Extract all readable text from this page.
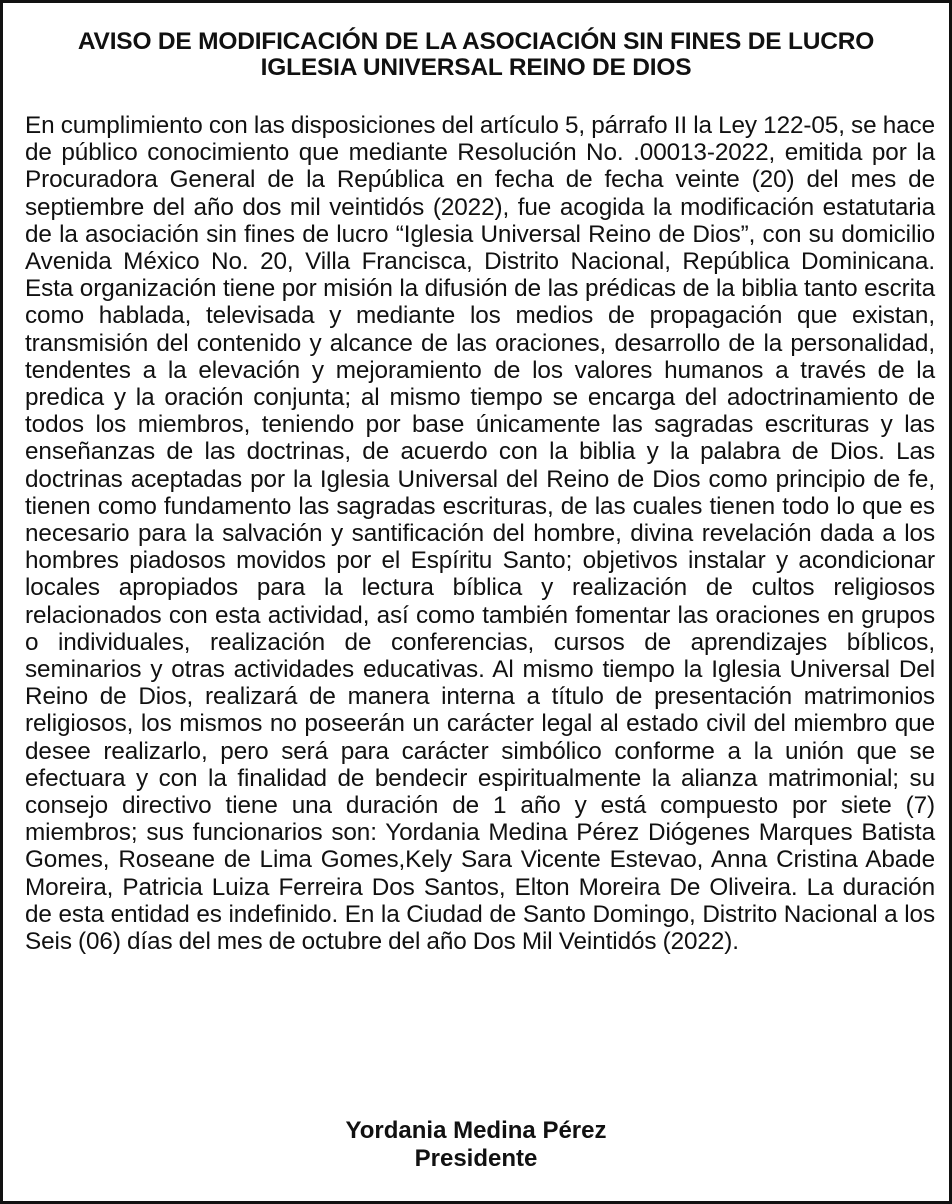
AVISO DE MODIFICACIÓN DE LA ASOCIACIÓN SIN FINES DE LUCRO
IGLESIA UNIVERSAL REINO DE DIOS

En cumplimiento con las disposiciones del artículo 5, párrafo II la Ley 122-05, se hace de público conocimiento que mediante Resolución No. .00013-2022, emitida por la Procuradora General de la República en fecha de fecha veinte (20) del mes de septiembre del año dos mil veintidós (2022), fue acogida la modificación estatutaria de la asociación sin fines de lucro “Iglesia Universal Reino de Dios”, con su domicilio Avenida México No. 20, Villa Francisca, Distrito Nacional, República Dominicana. Esta organización tiene por misión la difusión de las prédicas de la biblia tanto escrita como hablada, televisada y mediante los medios de propagación que existan, transmisión del contenido y alcance de las oraciones, desarrollo de la personalidad, tendentes a la elevación y mejoramiento de los valores humanos a través de la predica y la oración conjunta; al mismo tiempo se encarga del adoctrinamiento de todos los miembros, teniendo por base únicamente las sagradas escrituras y las enseñanzas de las doctrinas, de acuerdo con la biblia y la palabra de Dios. Las doctrinas aceptadas por la Iglesia Universal del Reino de Dios como principio de fe, tienen como fundamento las sagradas escrituras, de las cuales tienen todo lo que es necesario para la salvación y santificación del hombre, divina revelación dada a los hombres piadosos movidos por el Espíritu Santo; objetivos instalar y acondicionar locales apropiados para la lectura bíblica y realización de cultos religiosos relacionados con esta actividad, así como también fomentar las oraciones en grupos o individuales, realización de conferencias, cursos de aprendizajes bíblicos, seminarios y otras actividades educativas. Al mismo tiempo la Iglesia Universal Del Reino de Dios, realizará de manera interna a título de presentación matrimonios religiosos, los mismos no poseerán un carácter legal al estado civil del miembro que desee realizarlo, pero será para carácter simbólico conforme a la unión que se efectuara y con la finalidad de bendecir espiritualmente la alianza matrimonial; su consejo directivo tiene una duración de 1 año y está compuesto por siete (7) miembros; sus funcionarios son: Yordania Medina Pérez Diógenes Marques Batista Gomes, Roseane de Lima Gomes,Kely Sara Vicente Estevao, Anna Cristina Abade Moreira, Patricia Luiza Ferreira Dos Santos, Elton Moreira De Oliveira. La duración de esta entidad es indefinido. En la Ciudad de Santo Domingo, Distrito Nacional a los Seis (06) días del mes de octubre del año Dos Mil Veintidós (2022).

Yordania Medina Pérez
Presidente
